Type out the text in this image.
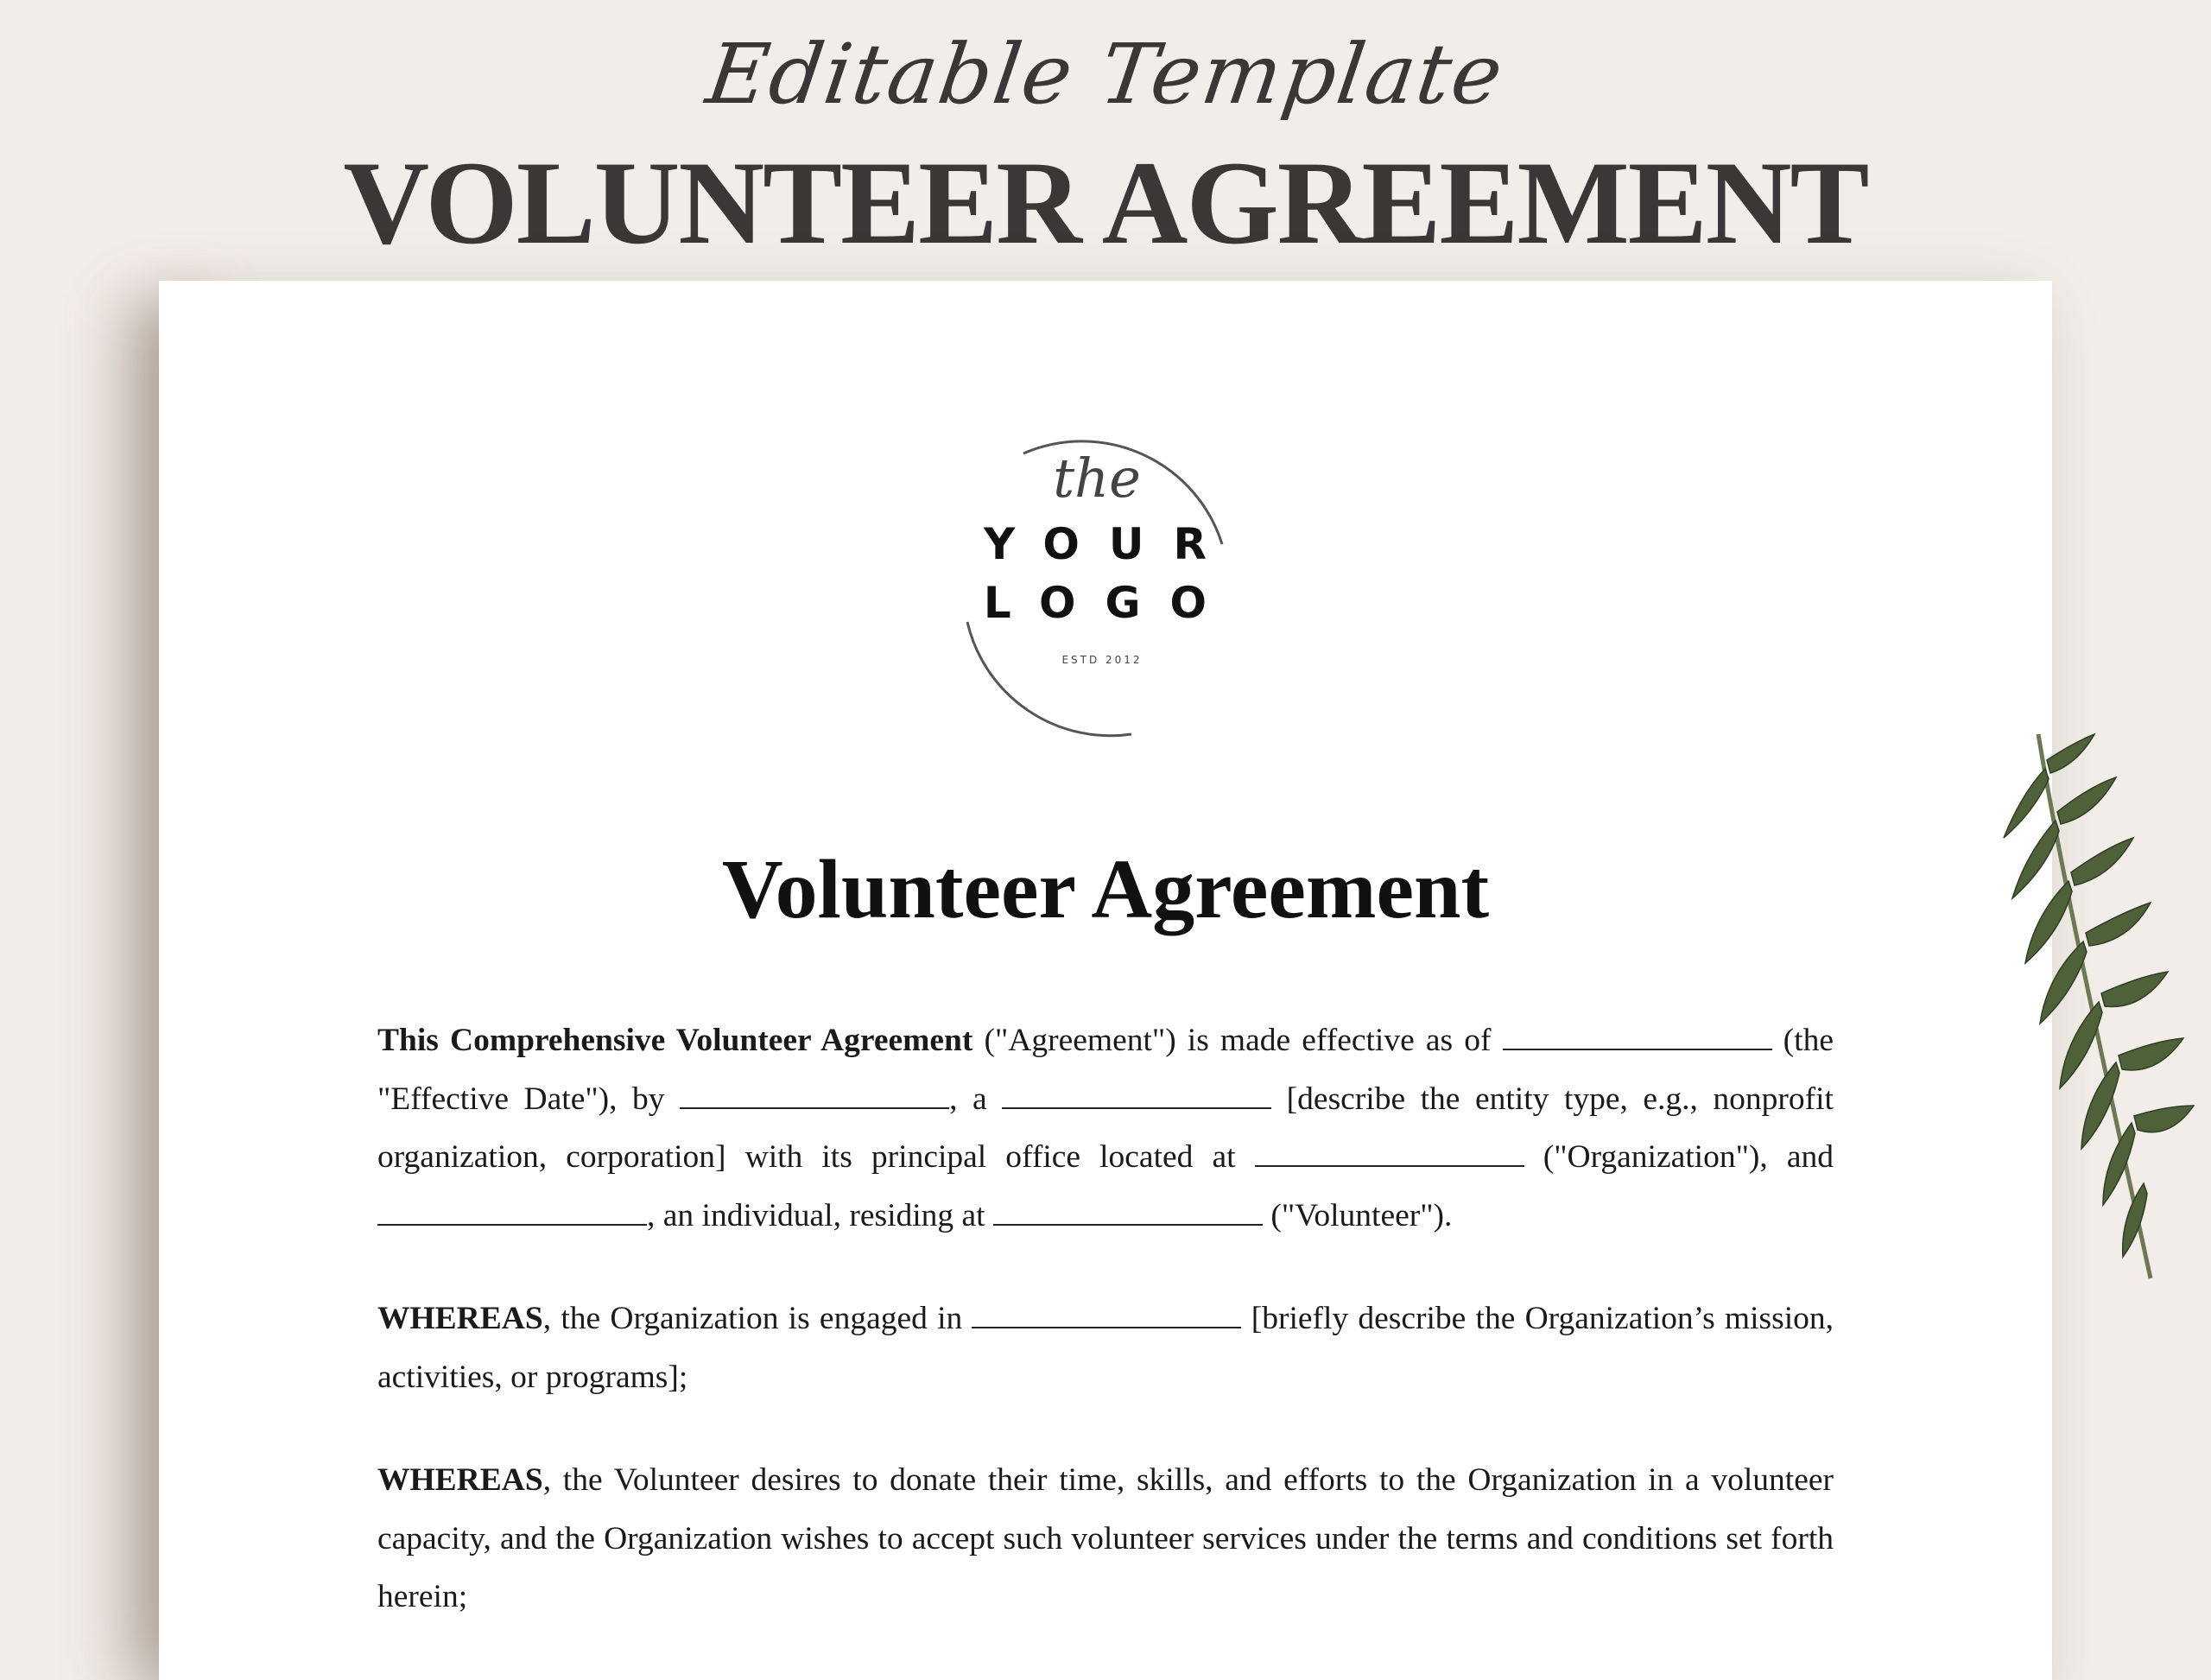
Editable Template
VOLUNTEER AGREEMENT
the
YOUR
LOGO
ESTD 2012
Volunteer Agreement

This Comprehensive Volunteer Agreement ("Agreement") is made effective as of	(the "Effective Date"), by	, a	[describe the entity type, e.g., nonprofit organization, corporation] with its principal office located at	("Organization"), and , an individual, residing at	("Volunteer").

WHEREAS, the Organization is engaged in	[briefly describe the Organization’s mission, activities, or programs];

WHEREAS, the Volunteer desires to donate their time, skills, and efforts to the Organization in a volunteer capacity, and the Organization wishes to accept such volunteer services under the terms and conditions set forth herein;
